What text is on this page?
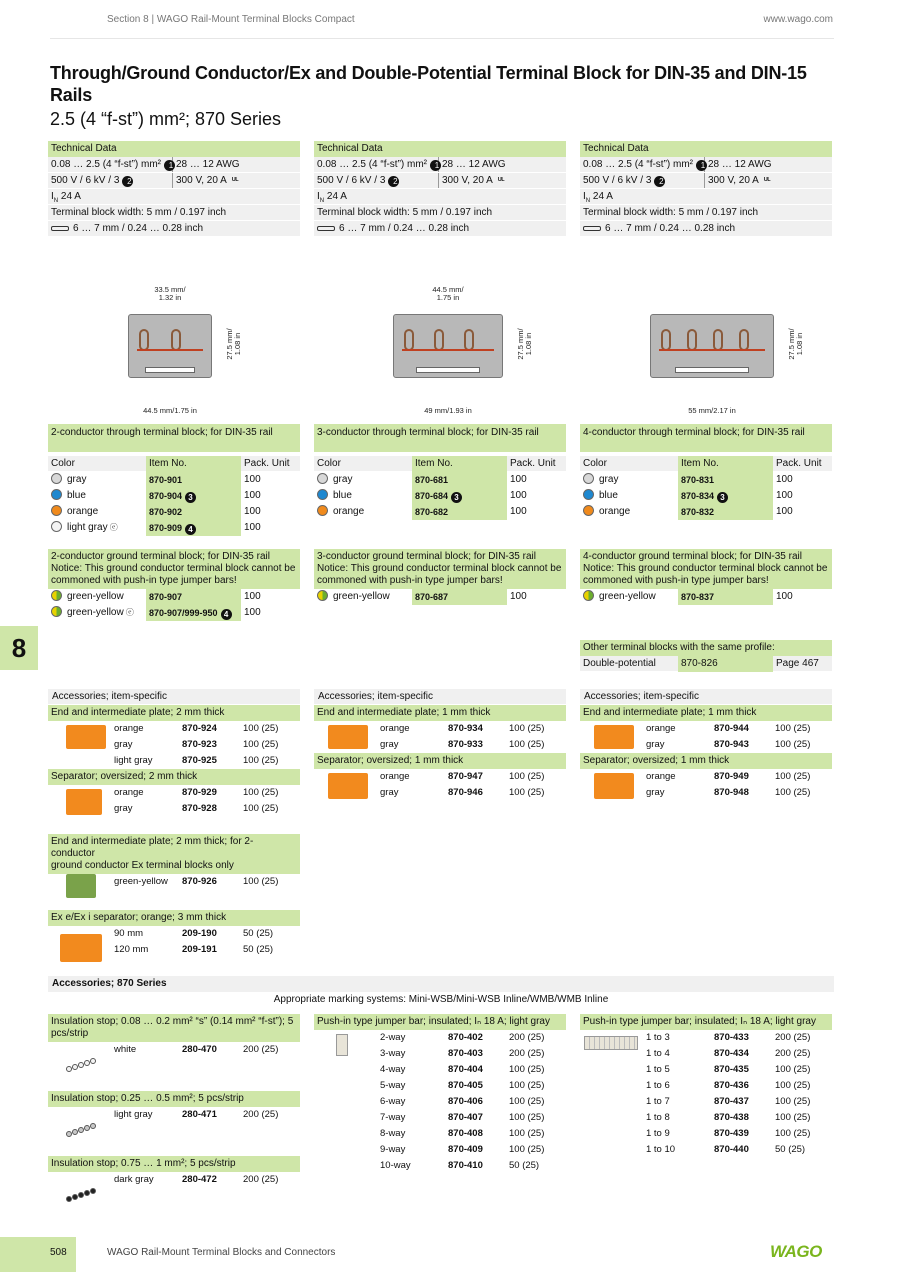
Section 8 | WAGO Rail-Mount Terminal Blocks Compact	www.wago.com
Through/Ground Conductor/Ex and Double-Potential Terminal Block for DIN-35 and DIN-15 Rails
2.5 (4 “f-st”) mm²; 870 Series
Technical Data
0.08 … 2.5 (4 “f-st”) mm² 1 28 … 12 AWG
500 V / 6 kV / 3 2	300 V, 20 A ᵁᴸ
$I_N$ 24 A
Terminal block width: 5 mm / 0.197 inch
6 … 7 mm / 0.24 … 0.28 inch
Technical Data
0.08 … 2.5 (4 “f-st”) mm² 1 28 … 12 AWG
500 V / 6 kV / 3 2	300 V, 20 A ᵁᴸ
$I_N$ 24 A
Terminal block width: 5 mm / 0.197 inch
6 … 7 mm / 0.24 … 0.28 inch
Technical Data
0.08 … 2.5 (4 “f-st”) mm² 1 28 … 12 AWG
500 V / 6 kV / 3 2	300 V, 20 A ᵁᴸ
$I_N$ 24 A
Terminal block width: 5 mm / 0.197 inch
6 … 7 mm / 0.24 … 0.28 inch
33.5 mm/
1.32 in
27.5 mm/
1.08 in
44.5 mm/1.75 in
44.5 mm/
1.75 in
27.5 mm/
1.08 in
49 mm/1.93 in
27.5 mm/
1.08 in
55 mm/2.17 in
2-conductor through terminal block; for DIN-35 rail
Color	Item No.	Pack. Unit
gray	870-901	100
blue	870-904 3	100
orange	870-902	100
light gray ⓔ	870-909 4	100
3-conductor through terminal block; for DIN-35 rail
Color	Item No.	Pack. Unit
gray	870-681	100
blue	870-684 3	100
orange	870-682	100
4-conductor through terminal block; for DIN-35 rail
Color	Item No.	Pack. Unit
gray	870-831	100
blue	870-834 3	100
orange	870-832	100
2-conductor ground terminal block; for DIN-35 rail
Notice: This ground conductor terminal block cannot be
commoned with push-in type jumper bars!
green-yellow	870-907	100
green-yellow ⓔ	870-907/999-950 4	100
3-conductor ground terminal block; for DIN-35 rail
Notice: This ground conductor terminal block cannot be
commoned with push-in type jumper bars!
green-yellow	870-687	100
4-conductor ground terminal block; for DIN-35 rail
Notice: This ground conductor terminal block cannot be
commoned with push-in type jumper bars!
green-yellow	870-837	100
Other terminal blocks with the same profile:
Double-potential	870-826	Page 467
8
Accessories; item-specific
End and intermediate plate; 2 mm thick
orange	870-924	100 (25)
gray	870-923	100 (25)
light gray	870-925	100 (25)
Separator; oversized; 2 mm thick
orange	870-929	100 (25)
gray	870-928	100 (25)
Accessories; item-specific
End and intermediate plate; 1 mm thick
orange	870-934	100 (25)
gray	870-933	100 (25)
Separator; oversized; 1 mm thick
orange	870-947	100 (25)
gray	870-946	100 (25)
Accessories; item-specific
End and intermediate plate; 1 mm thick
orange	870-944	100 (25)
gray	870-943	100 (25)
Separator; oversized; 1 mm thick
orange	870-949	100 (25)
gray	870-948	100 (25)
End and intermediate plate; 2 mm thick; for 2-conductor
ground conductor Ex terminal blocks only
green-yellow 870-926	100 (25)
Ex e/Ex i separator; orange; 3 mm thick
90 mm	209-190	50 (25)
120 mm	209-191	50 (25)
Accessories; 870 Series
Appropriate marking systems: Mini-WSB/Mini-WSB Inline/WMB/WMB Inline
Insulation stop; 0.08 … 0.2 mm² “s” (0.14 mm² “f-st”); 5
pcs/strip
white	280-470	200 (25)
Insulation stop; 0.25 … 0.5 mm²; 5 pcs/strip
light gray	280-471	200 (25)
Insulation stop; 0.75 … 1 mm²; 5 pcs/strip
dark gray	280-472	200 (25)
Push-in type jumper bar; insulated; Iₙ 18 A; light gray
2-way	870-402	200 (25)
3-way	870-403	200 (25)
4-way	870-404	100 (25)
5-way	870-405	100 (25)
6-way	870-406	100 (25)
7-way	870-407	100 (25)
8-way	870-408	100 (25)
9-way	870-409	100 (25)
10-way	870-410	50 (25)
Push-in type jumper bar; insulated; Iₙ 18 A; light gray
1 to 3	870-433	200 (25)
1 to 4	870-434	200 (25)
1 to 5	870-435	100 (25)
1 to 6	870-436	100 (25)
1 to 7	870-437	100 (25)
1 to 8	870-438	100 (25)
1 to 9	870-439	100 (25)
1 to 10	870-440	50 (25)
508	WAGO Rail-Mount Terminal Blocks and Connectors	WAGO
